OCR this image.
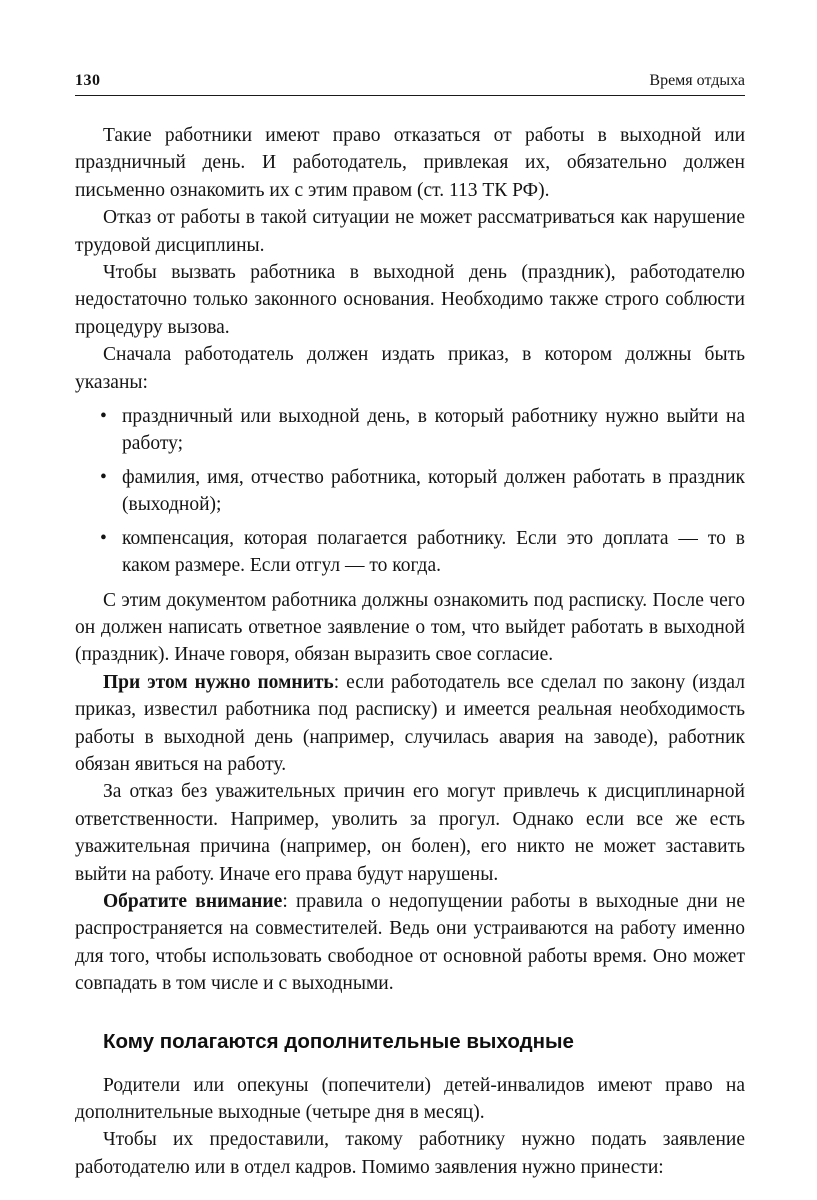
130	Время отдыха

Такие работники имеют право отказаться от работы в выходной или праздничный день. И работодатель, привлекая их, обязательно должен письменно ознакомить их с этим правом (ст. 113 ТК РФ).

Отказ от работы в такой ситуации не может рассматриваться как нарушение трудовой дисциплины.

Чтобы вызвать работника в выходной день (праздник), работодателю недостаточно только законного основания. Необходимо также строго соблюсти процедуру вызова.

Сначала работодатель должен издать приказ, в котором должны быть указаны:

• праздничный или выходной день, в который работнику нужно выйти на работу;
• фамилия, имя, отчество работника, который должен работать в праздник (выходной);
• компенсация, которая полагается работнику. Если это доплата — то в каком размере. Если отгул — то когда.

С этим документом работника должны ознакомить под расписку. После чего он должен написать ответное заявление о том, что выйдет работать в выходной (праздник). Иначе говоря, обязан выразить свое согласие.

При этом нужно помнить: если работодатель все сделал по закону (издал приказ, известил работника под расписку) и имеется реальная необходимость работы в выходной день (например, случилась авария на заводе), работник обязан явиться на работу.

За отказ без уважительных причин его могут привлечь к дисциплинарной ответственности. Например, уволить за прогул. Однако если все же есть уважительная причина (например, он болен), его никто не может заставить выйти на работу. Иначе его права будут нарушены.

Обратите внимание: правила о недопущении работы в выходные дни не распространяется на совместителей. Ведь они устраиваются на работу именно для того, чтобы использовать свободное от основной работы время. Оно может совпадать в том числе и с выходными.

Кому полагаются дополнительные выходные

Родители или опекуны (попечители) детей-инвалидов имеют право на дополнительные выходные (четыре дня в месяц).

Чтобы их предоставили, такому работнику нужно подать заявление работодателю или в отдел кадров. Помимо заявления нужно принести:
